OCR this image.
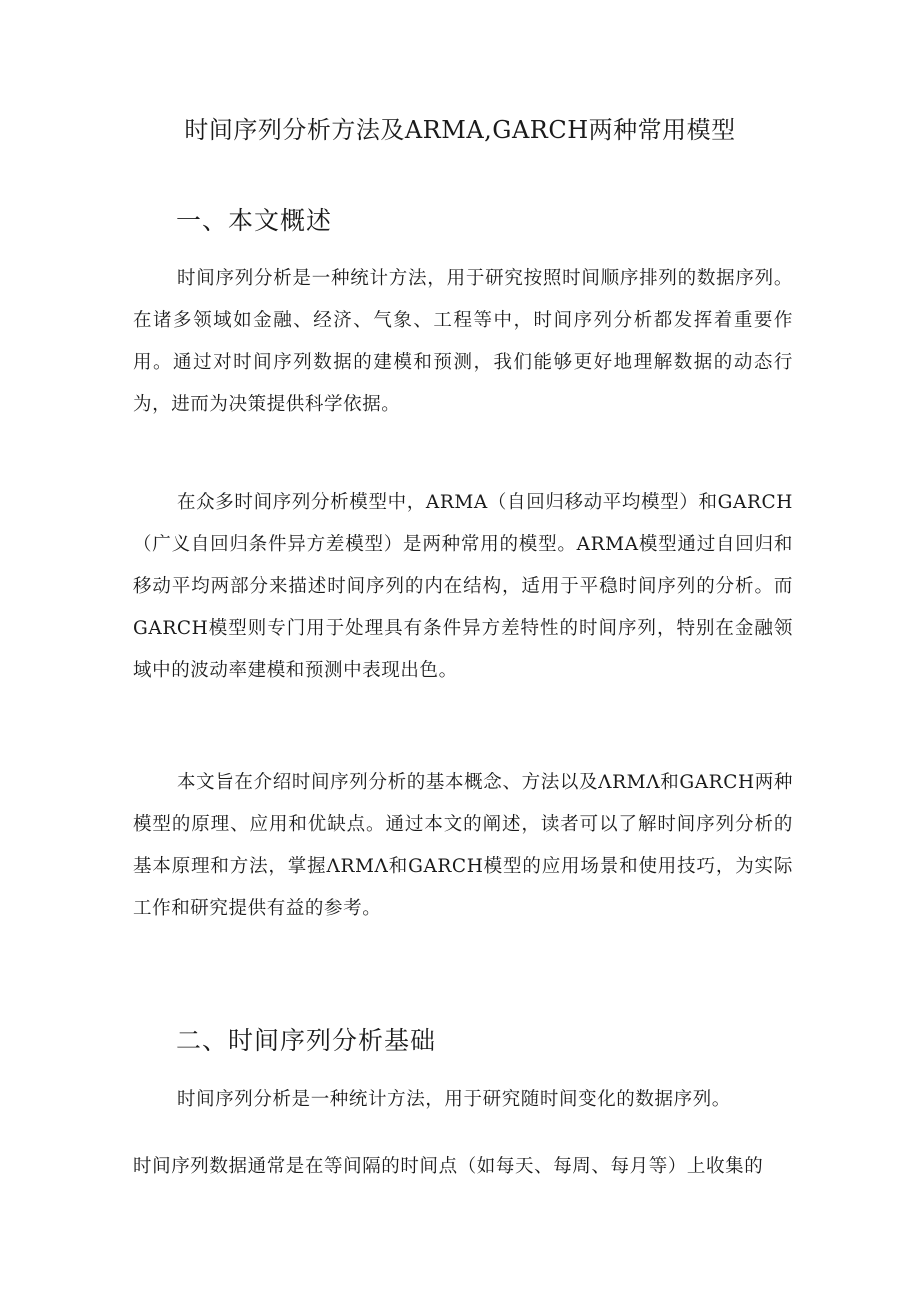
时间序列分析方法及ARMA,GARCH两种常用模型
一、本文概述

时间序列分析是一种统计方法，用于研究按照时间顺序排列的数据序列。在诸多领域如金融、经济、气象、工程等中，时间序列分析都发挥着重要作用。通过对时间序列数据的建模和预测，我们能够更好地理解数据的动态行为，进而为决策提供科学依据。

在众多时间序列分析模型中，ARMA（自回归移动平均模型）和GARCH（广义自回归条件异方差模型）是两种常用的模型。ARMA模型通过自回归和移动平均两部分来描述时间序列的内在结构，适用于平稳时间序列的分析。而GARCH模型则专门用于处理具有条件异方差特性的时间序列，特别在金融领域中的波动率建模和预测中表现出色。

本文旨在介绍时间序列分析的基本概念、方法以及ΛRMΛ和GARCH两种模型的原理、应用和优缺点。通过本文的阐述，读者可以了解时间序列分析的基本原理和方法，掌握ΛRMΛ和GARCH模型的应用场景和使用技巧，为实际工作和研究提供有益的参考。

二、时间序列分析基础

时间序列分析是一种统计方法，用于研究随时间变化的数据序列。

时间序列数据通常是在等间隔的时间点（如每天、每周、每月等）上收集的
